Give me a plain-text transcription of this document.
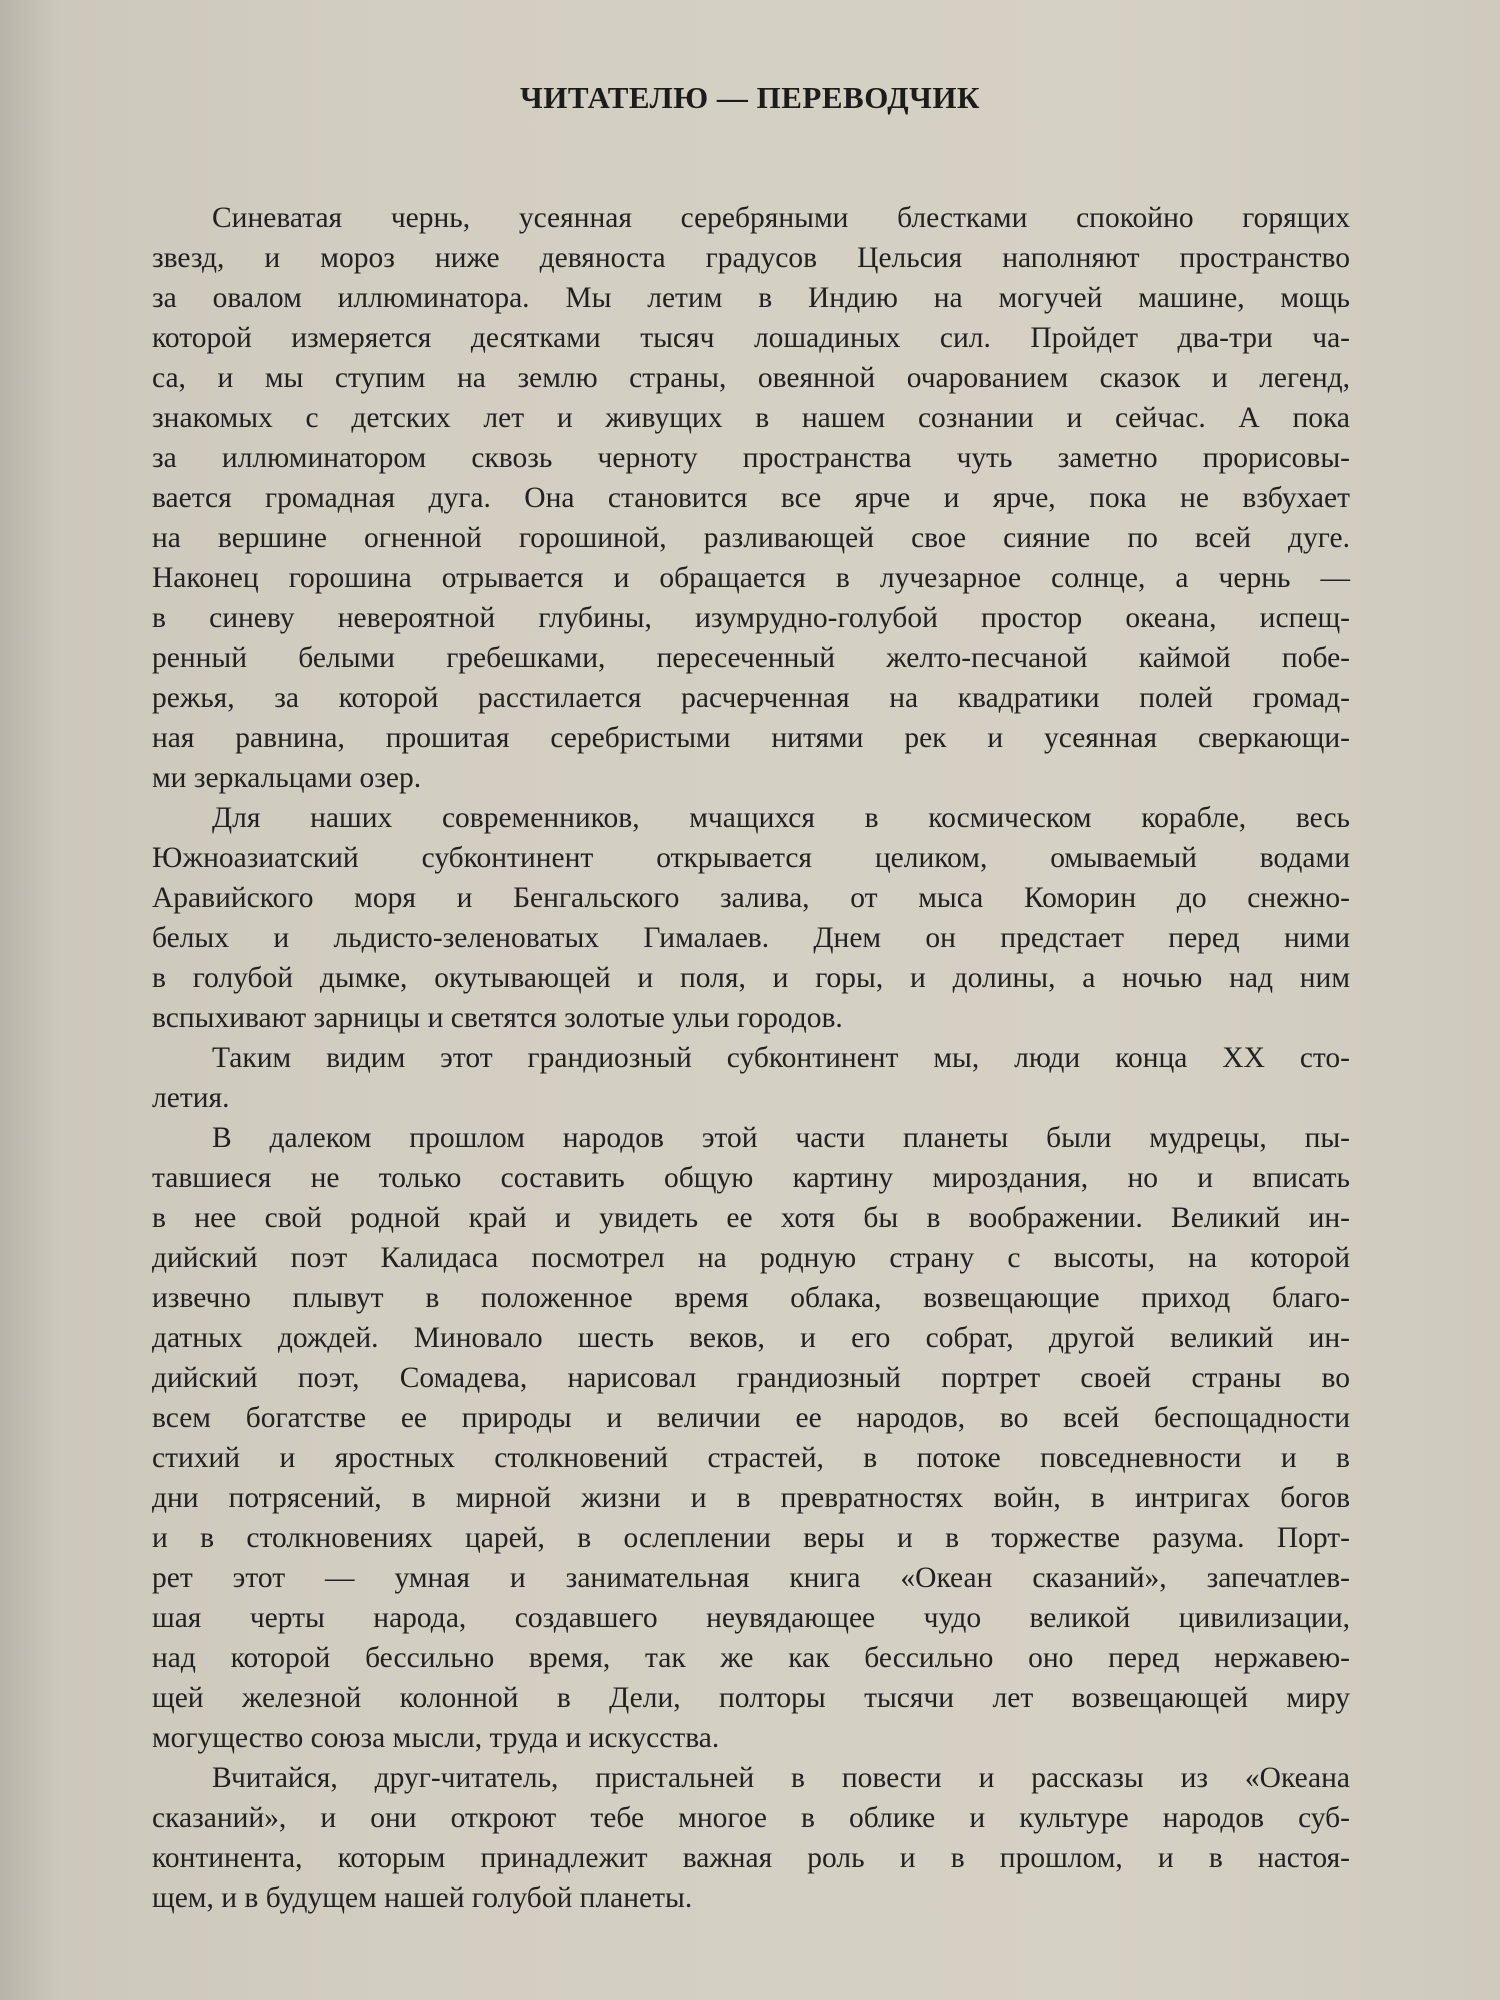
ЧИТАТЕЛЮ — ПЕРЕВОДЧИК
Синеватая чернь, усеянная серебряными блестками спокойно горящих
звезд, и мороз ниже девяноста градусов Цельсия наполняют пространство
за овалом иллюминатора. Мы летим в Индию на могучей машине, мощь
которой измеряется десятками тысяч лошадиных сил. Пройдет два-три ча-
са, и мы ступим на землю страны, овеянной очарованием сказок и легенд,
знакомых с детских лет и живущих в нашем сознании и сейчас. А пока
за иллюминатором сквозь черноту пространства чуть заметно прорисовы-
вается громадная дуга. Она становится все ярче и ярче, пока не взбухает
на вершине огненной горошиной, разливающей свое сияние по всей дуге.
Наконец горошина отрывается и обращается в лучезарное солнце, а чернь —
в синеву невероятной глубины, изумрудно-голубой простор океана, испещ-
ренный белыми гребешками, пересеченный желто-песчаной каймой побе-
режья, за которой расстилается расчерченная на квадратики полей громад-
ная равнина, прошитая серебристыми нитями рек и усеянная сверкающи-
ми зеркальцами озер.
Для наших современников, мчащихся в космическом корабле, весь
Южноазиатский субконтинент открывается целиком, омываемый водами
Аравийского моря и Бенгальского залива, от мыса Коморин до снежно-
белых и льдисто-зеленоватых Гималаев. Днем он предстает перед ними
в голубой дымке, окутывающей и поля, и горы, и долины, а ночью над ним
вспыхивают зарницы и светятся золотые ульи городов.
Таким видим этот грандиозный субконтинент мы, люди конца XX сто-
летия.
В далеком прошлом народов этой части планеты были мудрецы, пы-
тавшиеся не только составить общую картину мироздания, но и вписать
в нее свой родной край и увидеть ее хотя бы в воображении. Великий ин-
дийский поэт Калидаса посмотрел на родную страну с высоты, на которой
извечно плывут в положенное время облака, возвещающие приход благо-
датных дождей. Миновало шесть веков, и его собрат, другой великий ин-
дийский поэт, Сомадева, нарисовал грандиозный портрет своей страны во
всем богатстве ее природы и величии ее народов, во всей беспощадности
стихий и яростных столкновений страстей, в потоке повседневности и в
дни потрясений, в мирной жизни и в превратностях войн, в интригах богов
и в столкновениях царей, в ослеплении веры и в торжестве разума. Порт-
рет этот — умная и занимательная книга «Океан сказаний», запечатлев-
шая черты народа, создавшего неувядающее чудо великой цивилизации,
над которой бессильно время, так же как бессильно оно перед нержавею-
щей железной колонной в Дели, полторы тысячи лет возвещающей миру
могущество союза мысли, труда и искусства.
Вчитайся, друг-читатель, пристальней в повести и рассказы из «Океана
сказаний», и они откроют тебе многое в облике и культуре народов суб-
континента, которым принадлежит важная роль и в прошлом, и в настоя-
щем, и в будущем нашей голубой планеты.
